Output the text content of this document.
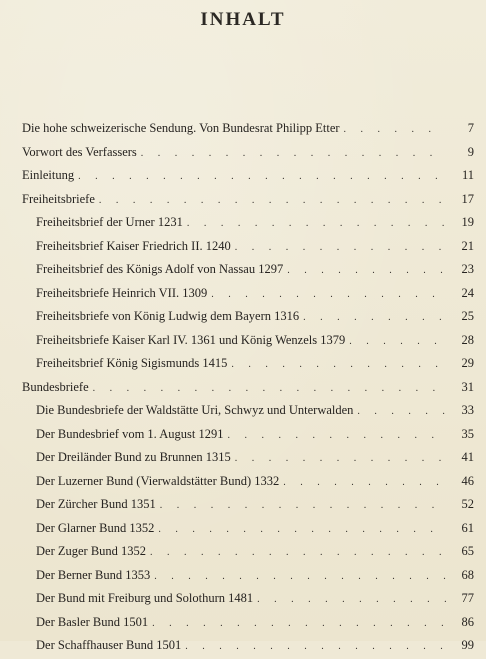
INHALT
Die hohe schweizerische Sendung. Von Bundesrat Philipp Etter . . .	7
Vorwort des Verfassers . . .	9
Einleitung . . .	11
Freiheitsbriefe . . .	17
Freiheitsbrief der Urner 1231 . . .	19
Freiheitsbrief Kaiser Friedrich II. 1240 . . .	21
Freiheitsbrief des Königs Adolf von Nassau 1297 . . .	23
Freiheitsbriefe Heinrich VII. 1309 . . .	24
Freiheitsbriefe von König Ludwig dem Bayern 1316 . . .	25
Freiheitsbriefe Kaiser Karl IV. 1361 und König Wenzels 1379 . . .	28
Freiheitsbrief König Sigismunds 1415 . . .	29
Bundesbriefe . . .	31
Die Bundesbriefe der Waldstätte Uri, Schwyz und Unterwalden . . .	33
Der Bundesbrief vom 1. August 1291 . . .	35
Der Dreiländer Bund zu Brunnen 1315 . . .	41
Der Luzerner Bund (Vierwaldstätter Bund) 1332 . . .	46
Der Zürcher Bund 1351 . . .	52
Der Glarner Bund 1352 . . .	61
Der Zuger Bund 1352 . . .	65
Der Berner Bund 1353 . . .	68
Der Bund mit Freiburg und Solothurn 1481 . . .	77
Der Basler Bund 1501 . . .	86
Der Schaffhauser Bund 1501 . . .	99
